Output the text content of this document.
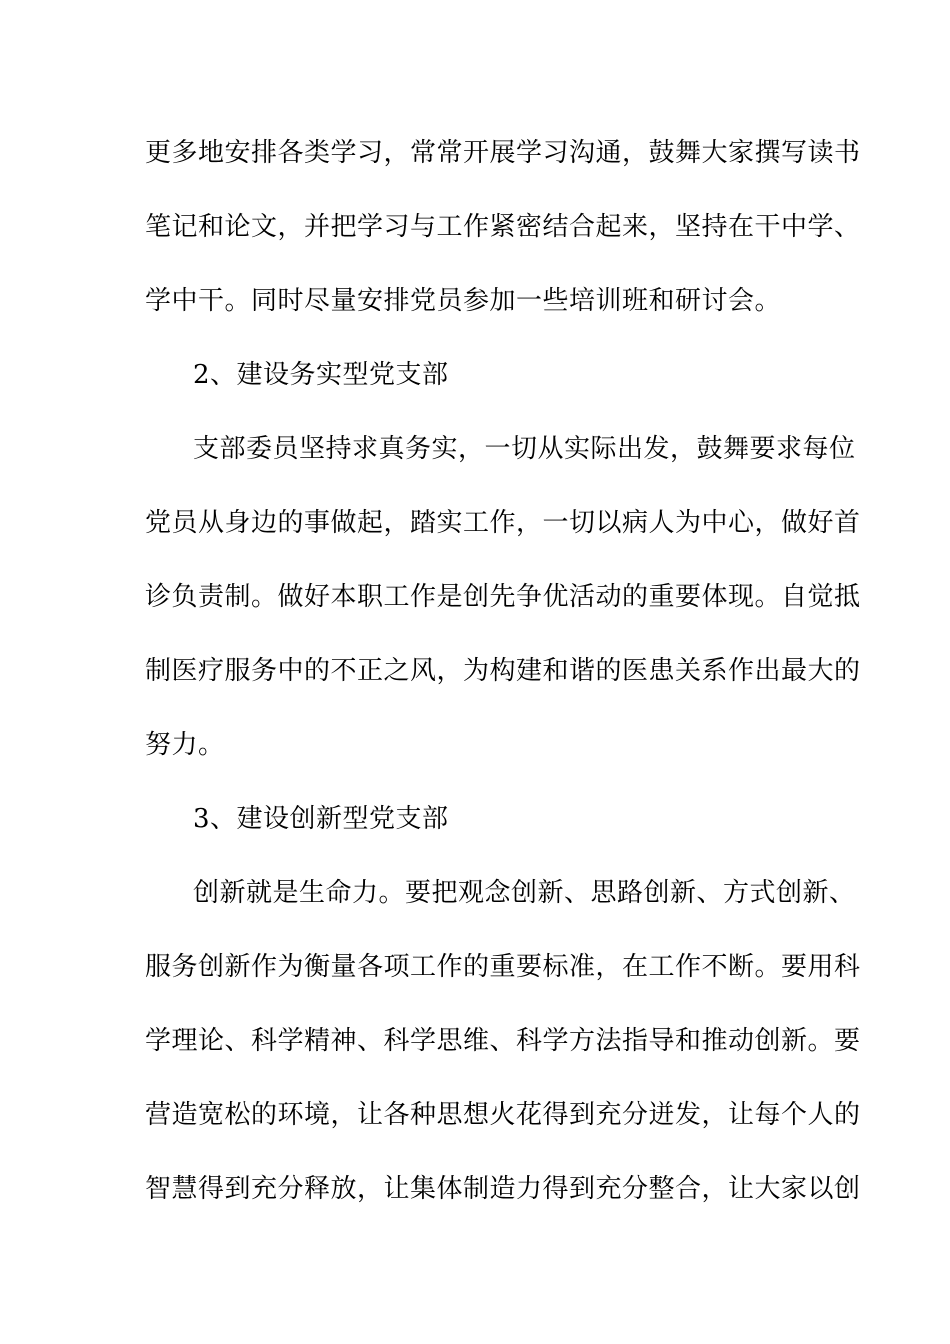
更多地安排各类学习，常常开展学习沟通，鼓舞大家撰写读书
笔记和论文，并把学习与工作紧密结合起来，坚持在干中学、
学中干。同时尽量安排党员参加一些培训班和研讨会。
2、建设务实型党支部
支部委员坚持求真务实，一切从实际出发，鼓舞要求每位
党员从身边的事做起，踏实工作，一切以病人为中心，做好首
诊负责制。做好本职工作是创先争优活动的重要体现。自觉抵
制医疗服务中的不正之风，为构建和谐的医患关系作出最大的
努力。
3、建设创新型党支部
创新就是生命力。要把观念创新、思路创新、方式创新、
服务创新作为衡量各项工作的重要标准，在工作不断。要用科
学理论、科学精神、科学思维、科学方法指导和推动创新。要
营造宽松的环境，让各种思想火花得到充分迸发，让每个人的
智慧得到充分释放，让集体制造力得到充分整合，让大家以创
